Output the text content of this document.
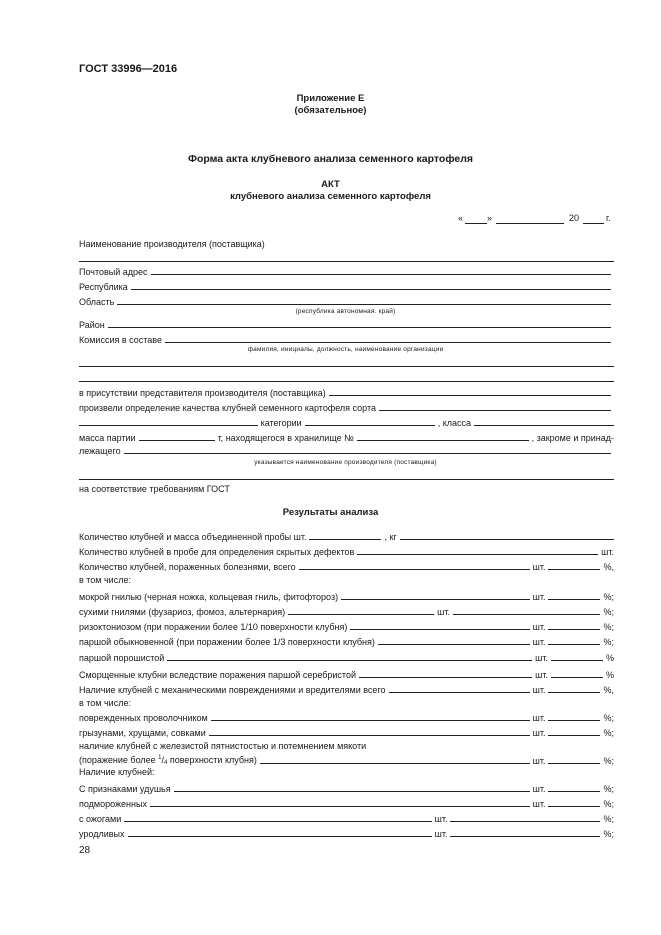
ГОСТ 33996—2016
Приложение Е
(обязательное)
Форма акта клубневого анализа семенного картофеля
АКТ
клубневого анализа семенного картофеля
«	»	20	г.
Наименование производителя (поставщика)
Почтовый адрес
Республика
Область
(республика автономная. край)
Район
Комиссия в составе
фамилия, инициалы, должность, наименование организации
в присутствии представителя производителя (поставщика)
произвели определение качества клубней семенного картофеля сорта
категории	, класса
масса партии	т, находящегося в хранилище №	, закроме и принад-
лежащего
указывается наименование производителя (поставщика)
на соответствие требованиям ГОСТ
Результаты анализа
Количество клубней и масса объединенной пробы шт.	, кг
Количество клубней в пробе для определения скрытых дефектов	шт.
Количество клубней, пораженных болезнями, всего	шт.	%,
в том числе:
мокрой гнилью (черная ножка, кольцевая гниль, фитофтороз)	шт.	%;
сухими гнилями (фузариоз, фомоз, альтернария)	шт.	%;
ризоктониозом (при поражении более 1/10 поверхности клубня)	шт.	%;
паршой обыкновенной (при поражении более 1/3 поверхности клубня)	шт.	%;
паршой порошистой	шт.	%
Сморщенные клубни вследствие поражения паршой серебристой	шт.	%
Наличие клубней с механическими повреждениями и вредителями всего	шт.	%,
в том числе:
поврежденных проволочником	шт.	%;
грызунами, хрущами, совками	шт.	%;
наличие клубней с железистой пятнистостью и потемнением мякоти
(поражение более $^1/_4$ поверхности клубня)	шт.	%;
Наличие клубней:
С признаками удушья	шт.	%;
подмороженных	шт.	%;
с ожогами	шт.	%;
уродливых	шт.	%;
28
